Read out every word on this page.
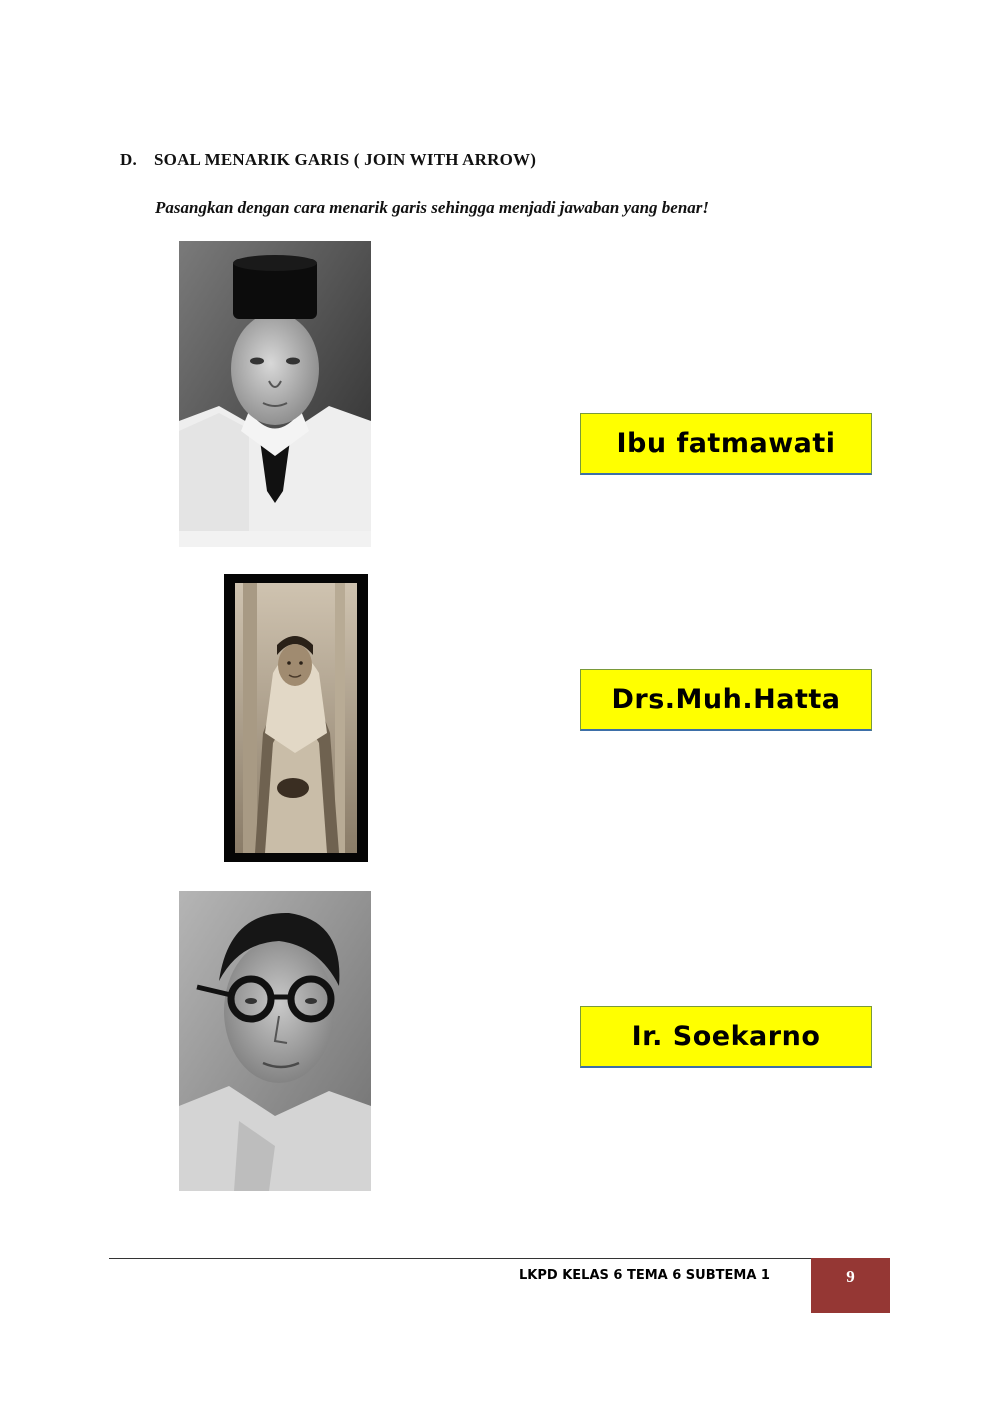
D. SOAL MENARIK GARIS ( JOIN WITH ARROW)
Pasangkan dengan cara menarik garis sehingga menjadi jawaban yang benar!
Ibu fatmawati
Drs.Muh.Hatta
Ir. Soekarno
LKPD KELAS 6 TEMA 6 SUBTEMA 1	9
